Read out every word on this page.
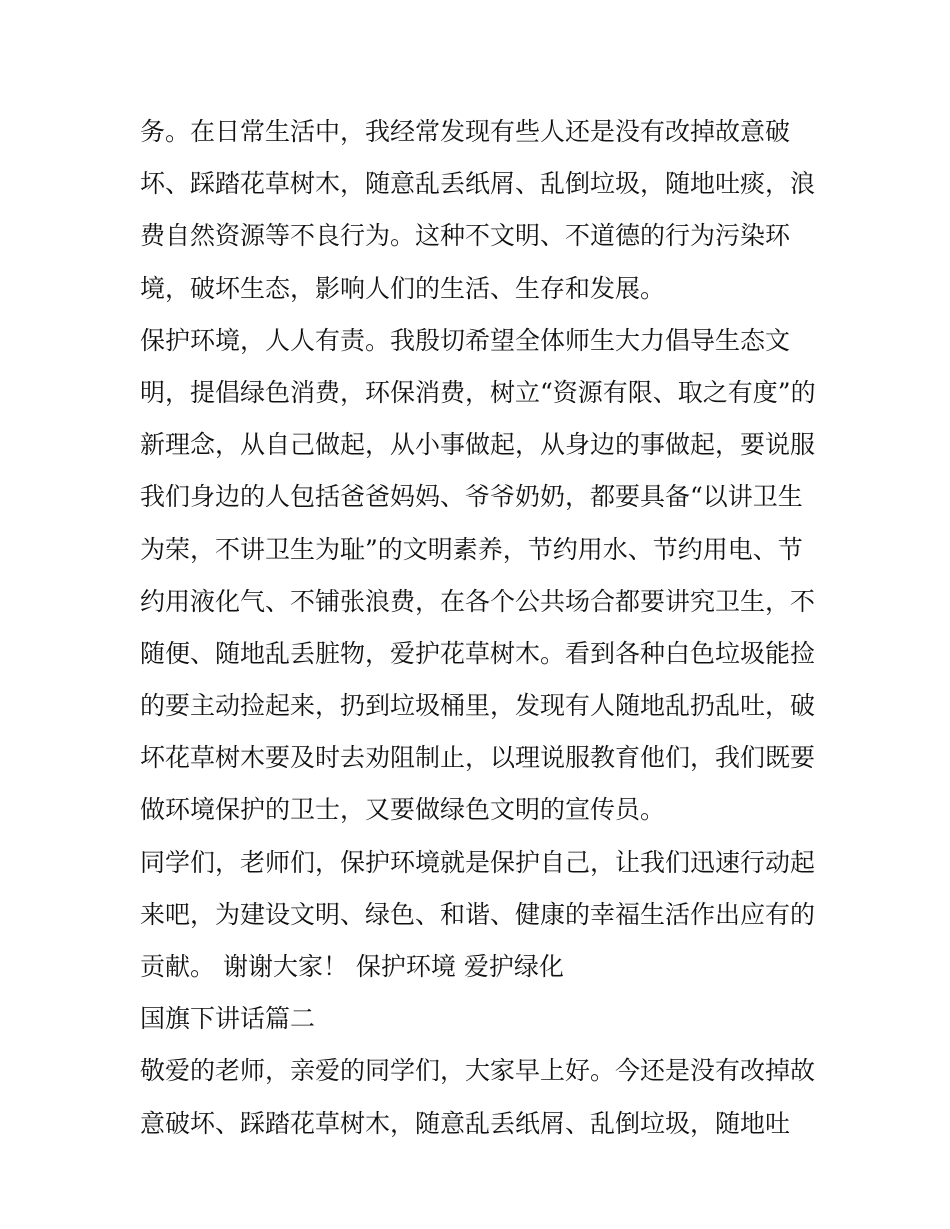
务。在日常生活中，我经常发现有些人还是没有改掉故意破
坏、踩踏花草树木，随意乱丢纸屑、乱倒垃圾，随地吐痰，浪
费自然资源等不良行为。这种不文明、不道德的行为污染环
境，破坏生态，影响人们的生活、生存和发展。
保护环境，人人有责。我殷切希望全体师生大力倡导生态文
明，提倡绿色消费，环保消费，树立“资源有限、取之有度”的
新理念，从自己做起，从小事做起，从身边的事做起，要说服
我们身边的人包括爸爸妈妈、爷爷奶奶，都要具备“以讲卫生
为荣，不讲卫生为耻”的文明素养，节约用水、节约用电、节
约用液化气、不铺张浪费，在各个公共场合都要讲究卫生，不
随便、随地乱丢脏物，爱护花草树木。看到各种白色垃圾能捡
的要主动捡起来，扔到垃圾桶里，发现有人随地乱扔乱吐，破
坏花草树木要及时去劝阻制止，以理说服教育他们，我们既要
做环境保护的卫士，又要做绿色文明的宣传员。
同学们，老师们，保护环境就是保护自己，让我们迅速行动起
来吧，为建设文明、绿色、和谐、健康的幸福生活作出应有的
贡献。 谢谢大家！ 保护环境 爱护绿化
国旗下讲话篇二
敬爱的老师，亲爱的同学们，大家早上好。今还是没有改掉故
意破坏、踩踏花草树木，随意乱丢纸屑、乱倒垃圾，随地吐
